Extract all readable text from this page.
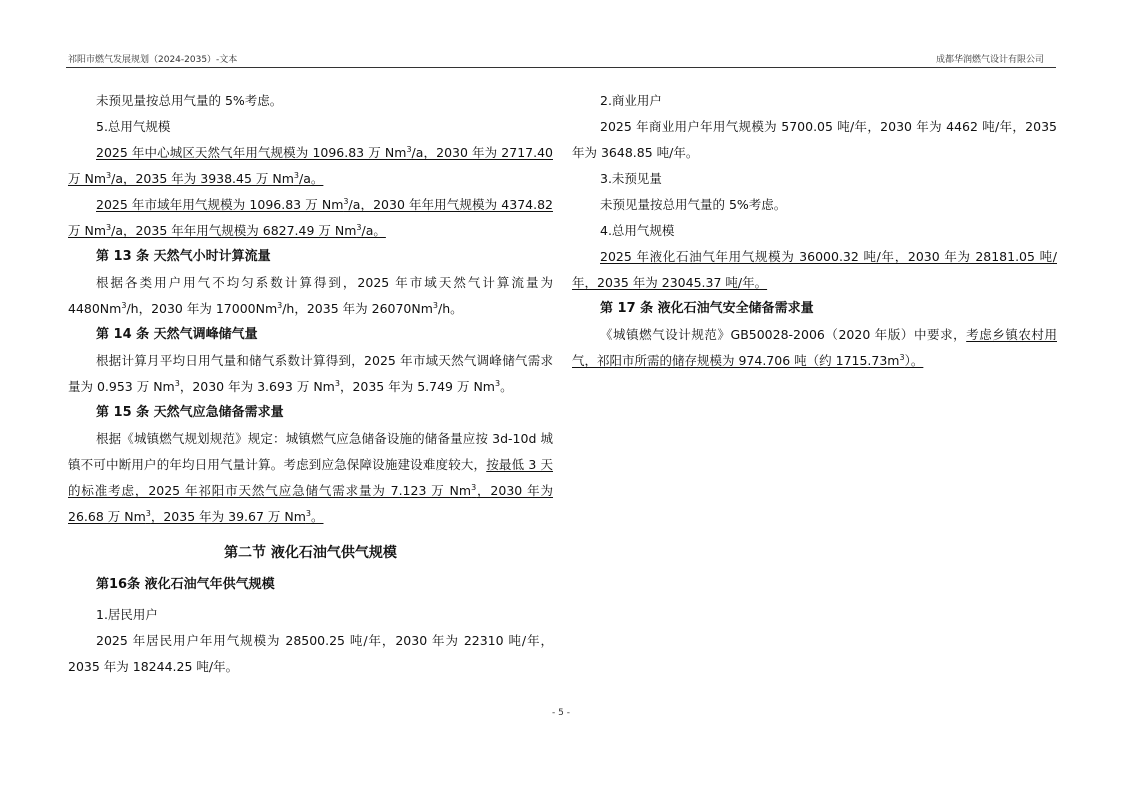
祁阳市燃气发展规划（2024-2035）-文本	成都华润燃气设计有限公司

未预见量按总用气量的 5%考虑。

5.总用气规模

2025 年中心城区天然气年用气规模为 1096.83 万 Nm$^3$/a，2030 年为 2717.40 万 Nm$^3$/a，2035 年为 3938.45 万 Nm$^3$/a。

2025 年市域年用气规模为 1096.83 万 Nm$^3$/a，2030 年年用气规模为 4374.82 万 Nm$^3$/a，2035 年年用气规模为 6827.49 万 Nm$^3$/a。

第 13 条 天然气小时计算流量

根据各类用户用气不均匀系数计算得到，2025 年市域天然气计算流量为 4480Nm$^3$/h，2030 年为 17000Nm$^3$/h，2035 年为 26070Nm$^3$/h。

第 14 条 天然气调峰储气量

根据计算月平均日用气量和储气系数计算得到，2025 年市域天然气调峰储气需求量为 0.953 万 Nm$^3$，2030 年为 3.693 万 Nm$^3$，2035 年为 5.749 万 Nm$^3$。

第 15 条 天然气应急储备需求量

根据《城镇燃气规划规范》规定：城镇燃气应急储备设施的储备量应按 3d-10d 城镇不可中断用户的年均日用气量计算。考虑到应急保障设施建设难度较大，按最低 3 天的标准考虑，2025 年祁阳市天然气应急储气需求量为 7.123 万 Nm$^3$，2030 年为 26.68 万 Nm$^3$，2035 年为 39.67 万 Nm$^3$。

第二节 液化石油气供气规模

第16条 液化石油气年供气规模

1.居民用户

2025 年居民用户年用气规模为 28500.25 吨/年，2030 年为 22310 吨/年，2035 年为 18244.25 吨/年。

2.商业用户

2025 年商业用户年用气规模为 5700.05 吨/年，2030 年为 4462 吨/年，2035 年为 3648.85 吨/年。

3.未预见量

未预见量按总用气量的 5%考虑。

4.总用气规模

2025 年液化石油气年用气规模为 36000.32 吨/年，2030 年为 28181.05 吨/年，2035 年为 23045.37 吨/年。

第 17 条 液化石油气安全储备需求量

《城镇燃气设计规范》GB50028-2006（2020 年版）中要求，考虑乡镇农村用气，祁阳市所需的储存规模为 974.706 吨（约 $1715.73m^3$）。

- 5 -
